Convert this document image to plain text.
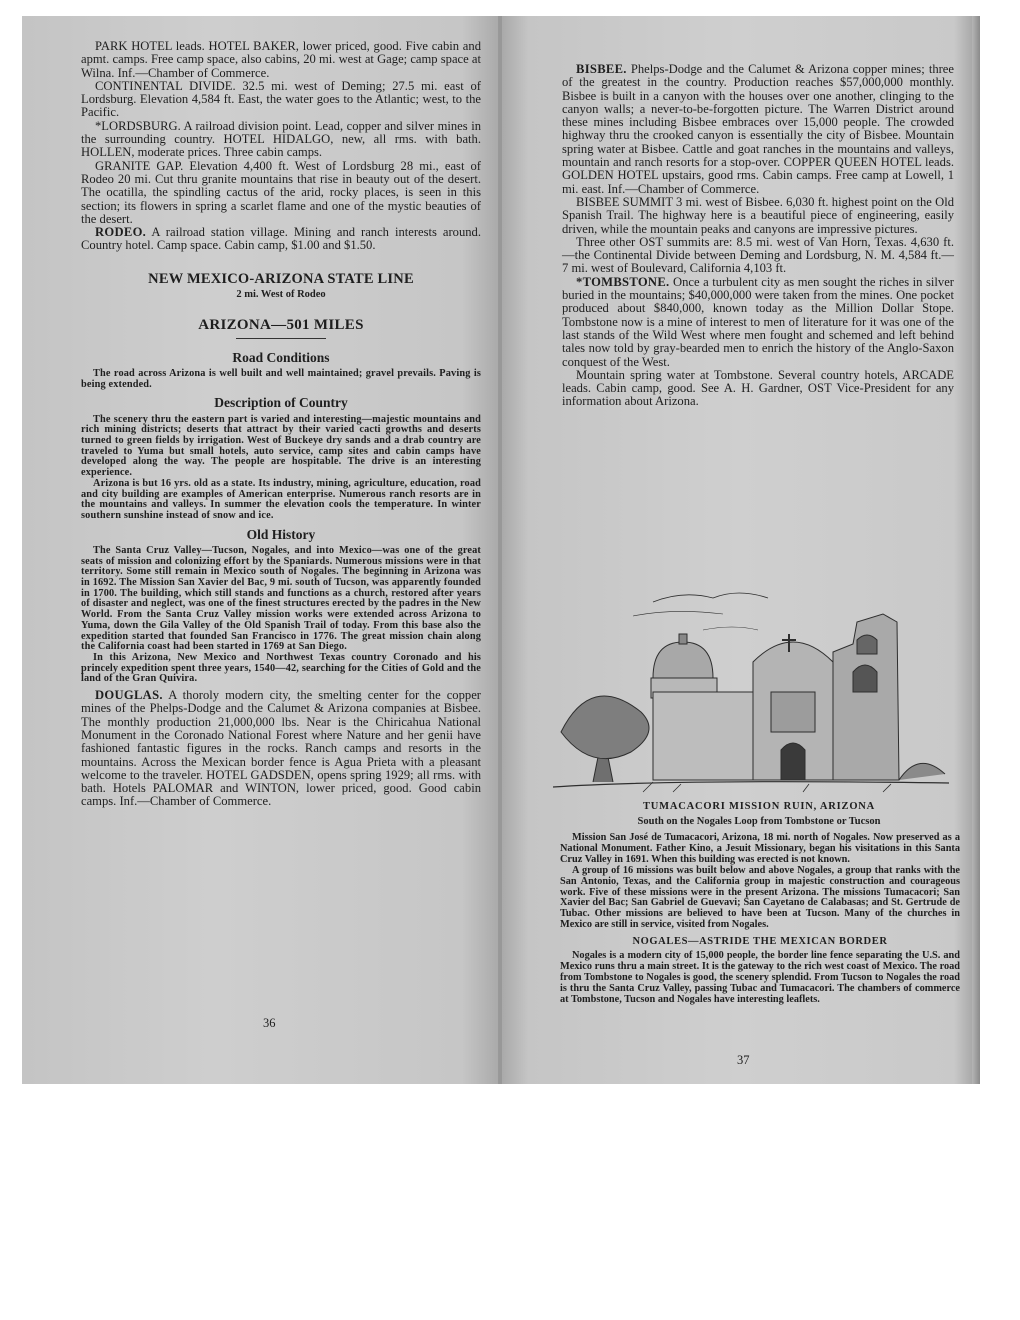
PARK HOTEL leads. HOTEL BAKER, lower priced, good. Five cabin and apmt. camps. Free camp space, also cabins, 20 mi. west at Gage; camp space at Wilna. Inf.—Chamber of Commerce.

CONTINENTAL DIVIDE. 32.5 mi. west of Deming; 27.5 mi. east of Lordsburg. Elevation 4,584 ft. East, the water goes to the Atlantic; west, to the Pacific.

*LORDSBURG. A railroad division point. Lead, copper and silver mines in the surrounding country. HOTEL HIDALGO, new, all rms. with bath. HOLLEN, moderate prices. Three cabin camps.

GRANITE GAP. Elevation 4,400 ft. West of Lordsburg 28 mi., east of Rodeo 20 mi. Cut thru granite mountains that rise in beauty out of the desert. The ocatilla, the spindling cactus of the arid, rocky places, is seen in this section; its flowers in spring a scarlet flame and one of the mystic beauties of the desert.

RODEO. A railroad station village. Mining and ranch interests around. Country hotel. Camp space. Cabin camp, $1.00 and $1.50.

NEW MEXICO-ARIZONA STATE LINE
2 mi. West of Rodeo
ARIZONA—501 MILES
Road Conditions

The road across Arizona is well built and well maintained; gravel prevails. Paving is being extended.

Description of Country

The scenery thru the eastern part is varied and interesting—majestic mountains and rich mining districts; deserts that attract by their varied cacti growths and deserts turned to green fields by irrigation. West of Buckeye dry sands and a drab country are traveled to Yuma but small hotels, auto service, camp sites and cabin camps have developed along the way. The people are hospitable. The drive is an interesting experience.

Arizona is but 16 yrs. old as a state. Its industry, mining, agriculture, education, road and city building are examples of American enterprise. Numerous ranch resorts are in the mountains and valleys. In summer the elevation cools the temperature. In winter southern sunshine instead of snow and ice.

Old History

The Santa Cruz Valley—Tucson, Nogales, and into Mexico—was one of the great seats of mission and colonizing effort by the Spaniards. Numerous missions were in that territory. Some still remain in Mexico south of Nogales. The beginning in Arizona was in 1692. The Mission San Xavier del Bac, 9 mi. south of Tucson, was apparently founded in 1700. The building, which still stands and functions as a church, restored after years of disaster and neglect, was one of the finest structures erected by the padres in the New World. From the Santa Cruz Valley mission works were extended across Arizona to Yuma, down the Gila Valley of the Old Spanish Trail of today. From this base also the expedition started that founded San Francisco in 1776. The great mission chain along the California coast had been started in 1769 at San Diego.

In this Arizona, New Mexico and Northwest Texas country Coronado and his princely expedition spent three years, 1540—42, searching for the Cities of Gold and the land of the Gran Quivira.

DOUGLAS. A thoroly modern city, the smelting center for the copper mines of the Phelps-Dodge and the Calumet & Arizona companies at Bisbee. The monthly production 21,000,000 lbs. Near is the Chiricahua National Monument in the Coronado National Forest where Nature and her genii have fashioned fantastic figures in the rocks. Ranch camps and resorts in the mountains. Across the Mexican border fence is Agua Prieta with a pleasant welcome to the traveler. HOTEL GADSDEN, opens spring 1929; all rms. with bath. Hotels PALOMAR and WINTON, lower priced, good. Good cabin camps. Inf.—Chamber of Commerce.

36

BISBEE. Phelps-Dodge and the Calumet & Arizona copper mines; three of the greatest in the country. Production reaches $57,000,000 monthly. Bisbee is built in a canyon with the houses over one another, clinging to the canyon walls; a never-to-be-forgotten picture. The Warren District around these mines including Bisbee embraces over 15,000 people. The crowded highway thru the crooked canyon is essentially the city of Bisbee. Mountain spring water at Bisbee. Cattle and goat ranches in the mountains and valleys, mountain and ranch resorts for a stop-over. COPPER QUEEN HOTEL leads. GOLDEN HOTEL upstairs, good rms. Cabin camps. Free camp at Lowell, 1 mi. east. Inf.—Chamber of Commerce.

BISBEE SUMMIT 3 mi. west of Bisbee. 6,030 ft. highest point on the Old Spanish Trail. The highway here is a beautiful piece of engineering, easily driven, while the mountain peaks and canyons are impressive pictures.

Three other OST summits are: 8.5 mi. west of Van Horn, Texas. 4,630 ft.—the Continental Divide between Deming and Lordsburg, N. M. 4,584 ft.—7 mi. west of Boulevard, California 4,103 ft.

*TOMBSTONE. Once a turbulent city as men sought the riches in silver buried in the mountains; $40,000,000 were taken from the mines. One pocket produced about $840,000, known today as the Million Dollar Stope. Tombstone now is a mine of interest to men of literature for it was one of the last stands of the Wild West where men fought and schemed and left behind tales now told by gray-bearded men to enrich the history of the Anglo-Saxon conquest of the West.

Mountain spring water at Tombstone. Several country hotels, ARCADE leads. Cabin camp, good. See A. H. Gardner, OST Vice-President for any information about Arizona.

TUMACACORI MISSION RUIN, ARIZONA
South on the Nogales Loop from Tombstone or Tucson

Mission San José de Tumacacori, Arizona, 18 mi. north of Nogales. Now preserved as a National Monument. Father Kino, a Jesuit Missionary, began his visitations in this Santa Cruz Valley in 1691. When this building was erected is not known.

A group of 16 missions was built below and above Nogales, a group that ranks with the San Antonio, Texas, and the California group in majestic construction and courageous work. Five of these missions were in the present Arizona. The missions Tumacacori; San Xavier del Bac; San Gabriel de Guevavi; San Cayetano de Calabasas; and St. Gertrude de Tubac. Other missions are believed to have been at Tucson. Many of the churches in Mexico are still in service, visited from Nogales.

NOGALES—ASTRIDE THE MEXICAN BORDER

Nogales is a modern city of 15,000 people, the border line fence separating the U.S. and Mexico runs thru a main street. It is the gateway to the rich west coast of Mexico. The road from Tombstone to Nogales is good, the scenery splendid. From Tucson to Nogales the road is thru the Santa Cruz Valley, passing Tubac and Tumacacori. The chambers of commerce at Tombstone, Tucson and Nogales have interesting leaflets.

37
